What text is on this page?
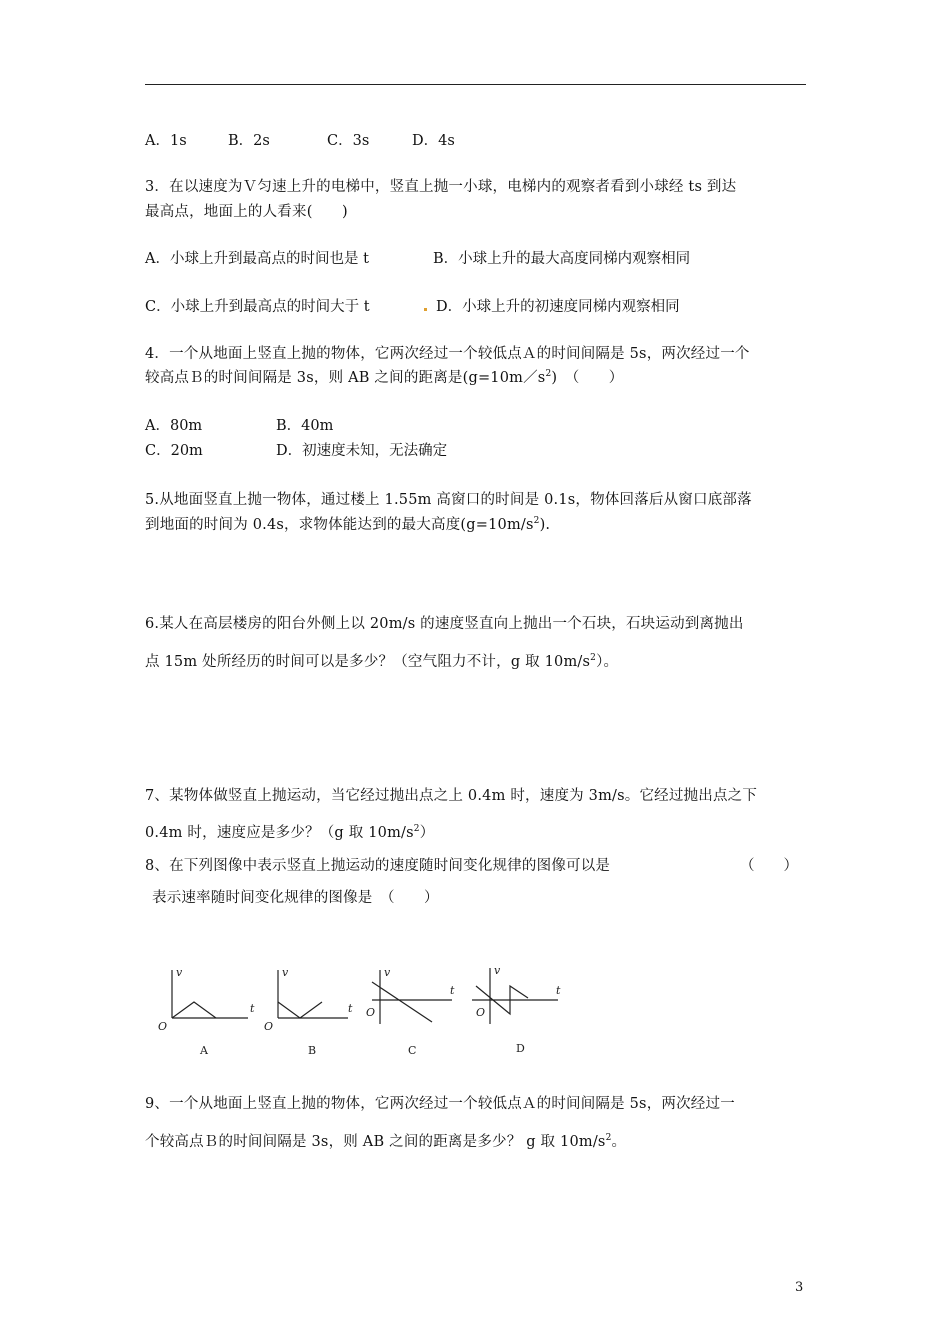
A．1s	B．2s	C．3s	D．4s
3．在以速度为Ｖ匀速上升的电梯中，竖直上抛一小球，电梯内的观察者看到小球经 ts 到达
最高点，地面上的人看来(　　)
A．小球上升到最高点的时间也是 t	B．小球上升的最大高度同梯内观察相同
C．小球上升到最高点的时间大于 t	D．小球上升的初速度同梯内观察相同
4．一个从地面上竖直上抛的物体，它两次经过一个较低点Ａ的时间间隔是 5s，两次经过一个
较高点Ｂ的时间间隔是 3s，则 AB 之间的距离是$(g=10m/s^2)$　（　　）
A．80m	B．40m
C．20m	D．初速度未知，无法确定
5.从地面竖直上抛一物体，通过楼上 1.55m 高窗口的时间是 0.1s，物体回落后从窗口底部落
到地面的时间为 0.4s，求物体能达到的最大高度$(g=10m/s^2)$.
6.某人在高层楼房的阳台外侧上以 20m/s 的速度竖直向上抛出一个石块，石块运动到离抛出
点 15m 处所经历的时间可以是多少？（空气阻力不计，g 取 $10m/s^2$）。
7、某物体做竖直上抛运动，当它经过抛出点之上 0.4m 时，速度为 3m/s。它经过抛出点之下
0.4m 时，速度应是多少？（g 取 $10m/s^2$）
8、在下列图像中表示竖直上抛运动的速度随时间变化规律的图像可以是	（　　）
表示速率随时间变化规律的图像是　（　　）
v
t
O
A
v
t
O
B
v
t
O
C
v
t
O
D
9、一个从地面上竖直上抛的物体，它两次经过一个较低点Ａ的时间间隔是 5s，两次经过一
个较高点Ｂ的时间间隔是 3s，则 AB 之间的距离是多少？ g 取 $10m/s^2$。
3
